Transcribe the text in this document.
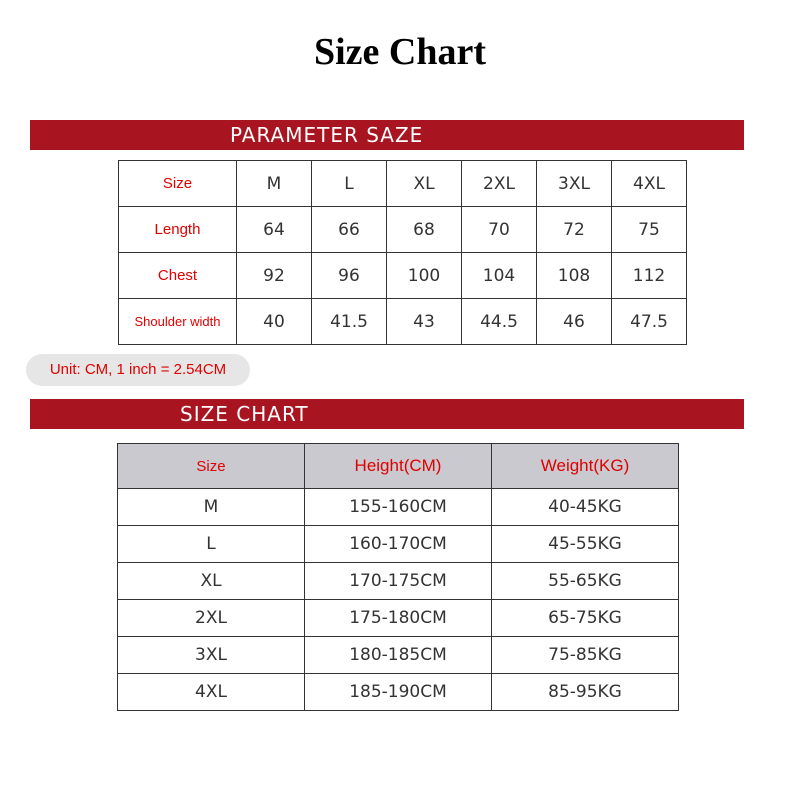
Size Chart
PARAMETER SAZE
Size	M	L	XL	2XL	3XL	4XL
Length	64	66	68	70	72	75
Chest	92	96	100	104	108	112
Shoulder width	40	41.5	43	44.5	46	47.5
Unit: CM, 1 inch = 2.54CM
SIZE CHART
Size	Height(CM)	Weight(KG)
M	155-160CM	40-45KG
L	160-170CM	45-55KG
XL	170-175CM	55-65KG
2XL	175-180CM	65-75KG
3XL	180-185CM	75-85KG
4XL	185-190CM	85-95KG
